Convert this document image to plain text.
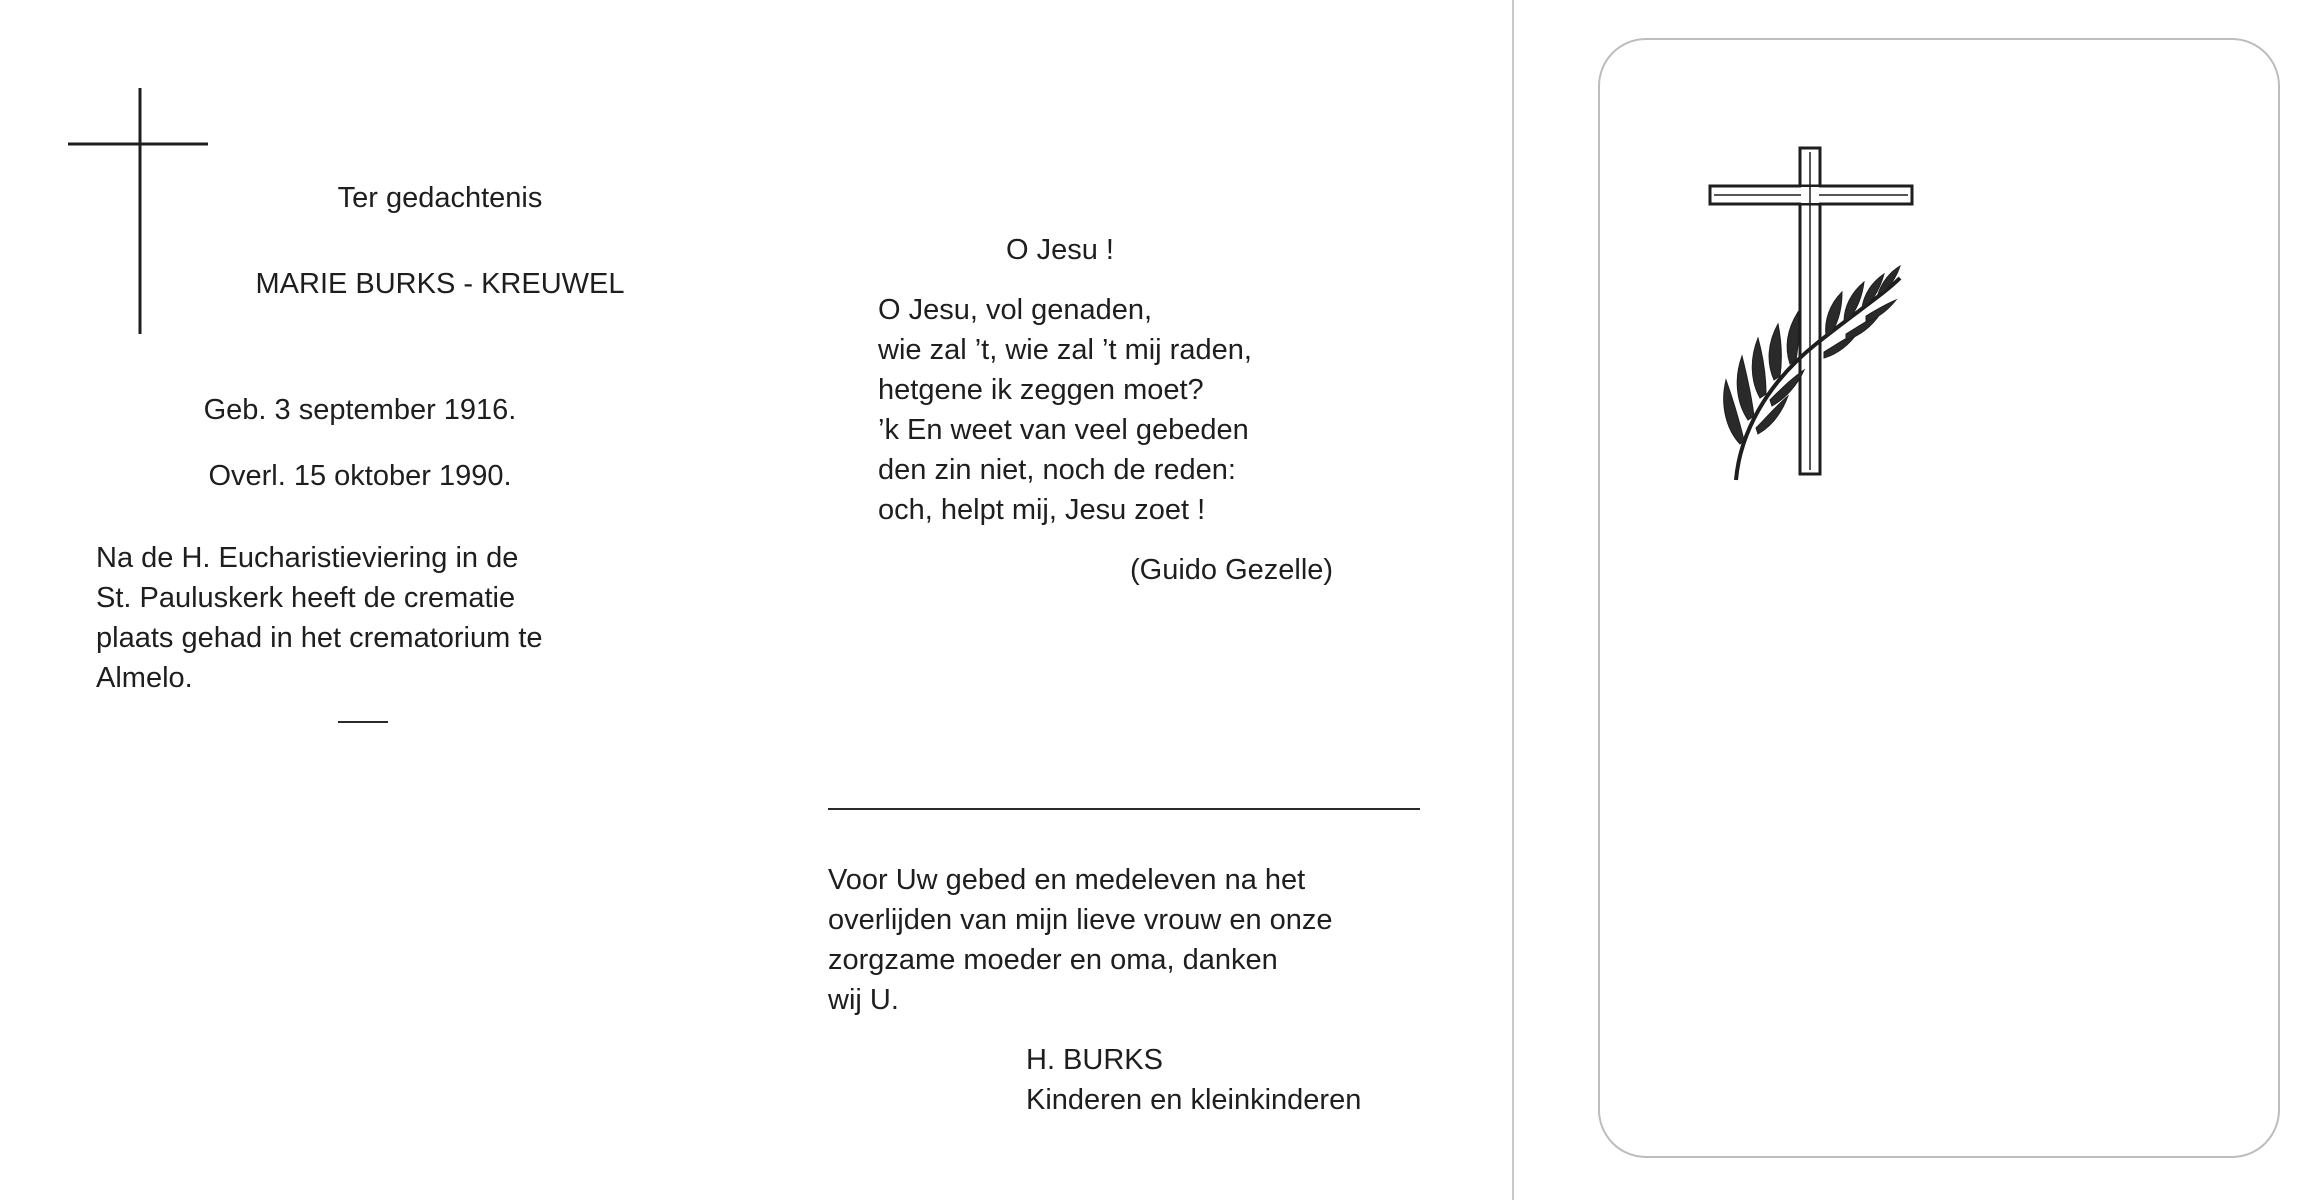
Ter gedachtenis
MARIE BURKS - KREUWEL
Geb. 3 september 1916.
Overl. 15 oktober 1990.
Na de H. Eucharistieviering in de
St. Pauluskerk heeft de crematie
plaats gehad in het crematorium te
Almelo.
O Jesu !
O Jesu, vol genaden,
wie zal ’t, wie zal ’t mij raden,
hetgene ik zeggen moet?
’k En weet van veel gebeden
den zin niet, noch de reden:
och, helpt mij, Jesu zoet !
(Guido Gezelle)
Voor Uw gebed en medeleven na het
overlijden van mijn lieve vrouw en onze
zorgzame moeder en oma, danken
wij U.
H. BURKS
Kinderen en kleinkinderen
